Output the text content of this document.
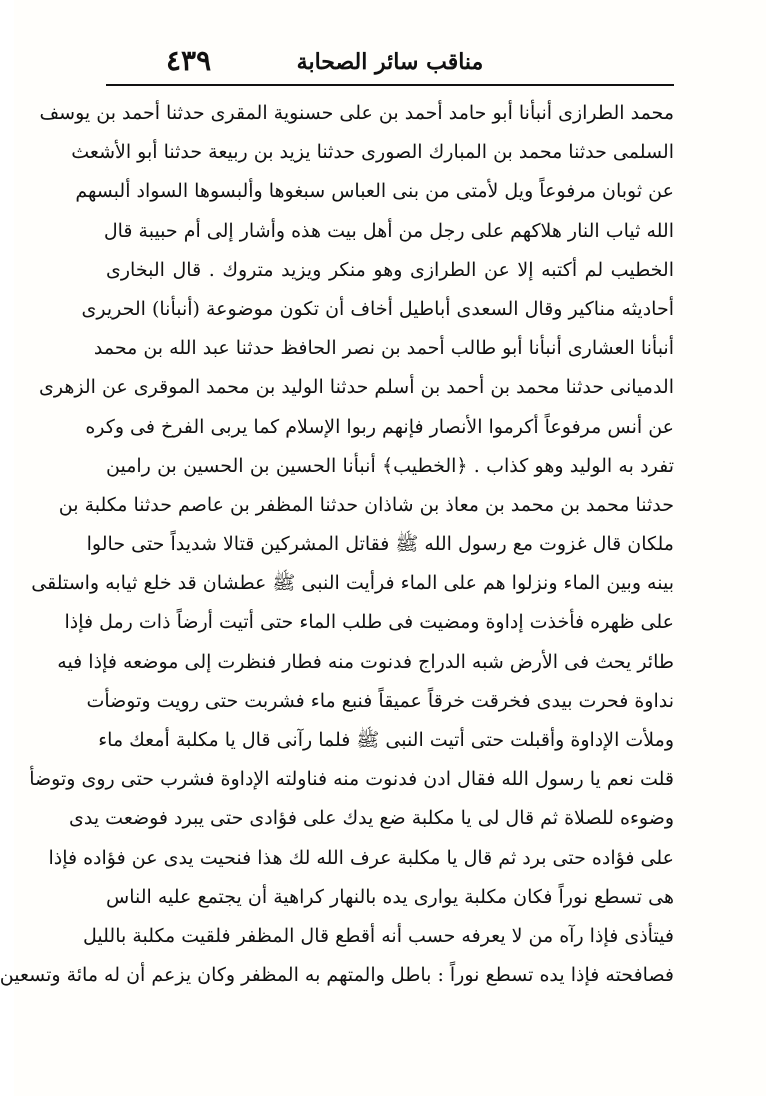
٤٣٩	مناقب سائر الصحابة
محمد الطرازى أنبأنا أبو حامد أحمد بن على حسنوية المقرى حدثنا أحمد بن يوسف
السلمى حدثنا محمد بن المبارك الصورى حدثنا يزيد بن ربيعة حدثنا أبو الأشعث
عن ثوبان مرفوعاً ويل لأمتى من بنى العباس سبغوها وألبسوها السواد ألبسهم
الله ثياب النار هلاكهم على رجل من أهل بيت هذه وأشار إلى أم حبيبة قال
الخطيب لم أكتبه إلا عن الطرازى وهو منكر ويزيد متروك . قال البخارى
أحاديثه مناكير وقال السعدى أباطيل أخاف أن تكون موضوعة (أنبأنا) الحريرى
أنبأنا العشارى أنبأنا أبو طالب أحمد بن نصر الحافظ حدثنا عبد الله بن محمد
الدميانى حدثنا محمد بن أحمد بن أسلم حدثنا الوليد بن محمد الموقرى عن الزهرى
عن أنس مرفوعاً أكرموا الأنصار فإنهم ربوا الإسلام كما يربى الفرخ فى وكره
تفرد به الوليد وهو كذاب . ﴿الخطيب﴾ أنبأنا الحسين بن الحسين بن رامين
حدثنا محمد بن محمد بن معاذ بن شاذان حدثنا المظفر بن عاصم حدثنا مكلبة بن
ملكان قال غزوت مع رسول الله ﷺ فقاتل المشركين قتالا شديداً حتى حالوا
بينه وبين الماء ونزلوا هم على الماء فرأيت النبى ﷺ عطشان قد خلع ثيابه واستلقى
على ظهره فأخذت إداوة ومضيت فى طلب الماء حتى أتيت أرضاً ذات رمل فإذا
طائر يحث فى الأرض شبه الدراج فدنوت منه فطار فنظرت إلى موضعه فإذا فيه
نداوة فحرت بيدى فخرقت خرقاً عميقاً فنبع ماء فشربت حتى رويت وتوضأت
وملأت الإداوة وأقبلت حتى أتيت النبى ﷺ فلما رآنى قال يا مكلبة أمعك ماء
قلت نعم يا رسول الله فقال ادن فدنوت منه فناولته الإداوة فشرب حتى روى وتوضأ
وضوءه للصلاة ثم قال لى يا مكلبة ضع يدك على فؤادى حتى يبرد فوضعت يدى
على فؤاده حتى برد ثم قال يا مكلبة عرف الله لك هذا فنحيت يدى عن فؤاده فإذا
هى تسطع نوراً فكان مكلبة يوارى يده بالنهار كراهية أن يجتمع عليه الناس
فيتأذى فإذا رآه من لا يعرفه حسب أنه أقطع قال المظفر فلقيت مكلبة بالليل
فصافحته فإذا يده تسطع نوراً : باطل والمتهم به المظفر وكان يزعم أن له مائة وتسعين
